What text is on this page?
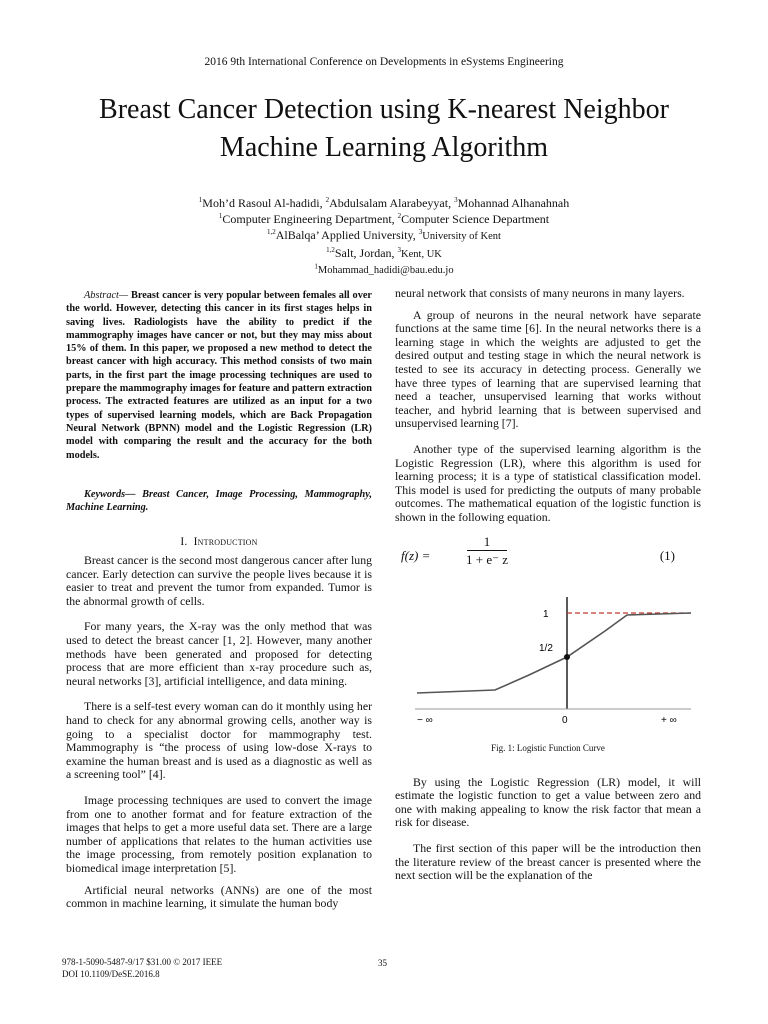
2016 9th International Conference on Developments in eSystems Engineering
Breast Cancer Detection using K-nearest Neighbor
Machine Learning Algorithm
$^1$Moh’d Rasoul Al-hadidi, $^2$Abdulsalam Alarabeyyat, $^3$Mohannad Alhanahnah
$^1$Computer Engineering Department, $^2$Computer Science Department
$^{1,2}$AlBalqa’ Applied University, $^3$University of Kent
$^{1,2}$Salt, Jordan, $^3$Kent, UK
$^1$Mohammad_hadidi@bau.edu.jo

Abstract— Breast cancer is very popular between females all over the world. However, detecting this cancer in its first stages helps in saving lives. Radiologists have the ability to predict if the mammography images have cancer or not, but they may miss about 15% of them. In this paper, we proposed a new method to detect the breast cancer with high accuracy. This method consists of two main parts, in the first part the image processing techniques are used to prepare the mammography images for feature and pattern extraction process. The extracted features are utilized as an input for a two types of supervised learning models, which are Back Propagation Neural Network (BPNN) model and the Logistic Regression (LR) model with comparing the result and the accuracy for the both models.

Keywords— Breast Cancer, Image Processing, Mammography, Machine Learning.

I. Introduction

Breast cancer is the second most dangerous cancer after lung cancer. Early detection can survive the people lives because it is easier to treat and prevent the tumor from expanded. Tumor is the abnormal growth of cells.

For many years, the X-ray was the only method that was used to detect the breast cancer [1, 2]. However, many another methods have been generated and proposed for detecting process that are more efficient than x-ray procedure such as, neural networks [3], artificial intelligence, and data mining.

There is a self-test every woman can do it monthly using her hand to check for any abnormal growing cells, another way is going to a specialist doctor for mammography test. Mammography is “the process of using low-dose X-rays to examine the human breast and is used as a diagnostic as well as a screening tool” [4].

Image processing techniques are used to convert the image from one to another format and for feature extraction of the images that helps to get a more useful data set. There are a large number of applications that relates to the human activities use the image processing, from remotely position explanation to biomedical image interpretation [5].

Artificial neural networks (ANNs) are one of the most common in machine learning, it simulate the human body

neural network that consists of many neurons in many layers.

A group of neurons in the neural network have separate functions at the same time [6]. In the neural networks there is a learning stage in which the weights are adjusted to get the desired output and testing stage in which the neural network is tested to see its accuracy in detecting process. Generally we have three types of learning that are supervised learning that need a teacher, unsupervised learning that works without teacher, and hybrid learning that is between supervised and unsupervised learning [7].

Another type of the supervised learning algorithm is the Logistic Regression (LR), where this algorithm is used for learning process; it is a type of statistical classification model. This model is used for predicting the outputs of many probable outcomes. The mathematical equation of the logistic function is shown in the following equation.

f(z) =
1
1 + e⁻ z	(1)
1
1/2
0
− ∞	+ ∞
Fig. 1: Logistic Function Curve

By using the Logistic Regression (LR) model, it will estimate the logistic function to get a value between zero and one with making appealing to know the risk factor that mean a risk for disease.

The first section of this paper will be the introduction then the literature review of the breast cancer is presented where the next section will be the explanation of the

978-1-5090-5487-9/17 $31.00 © 2017 IEEE
DOI 10.1109/DeSE.2016.8
35
